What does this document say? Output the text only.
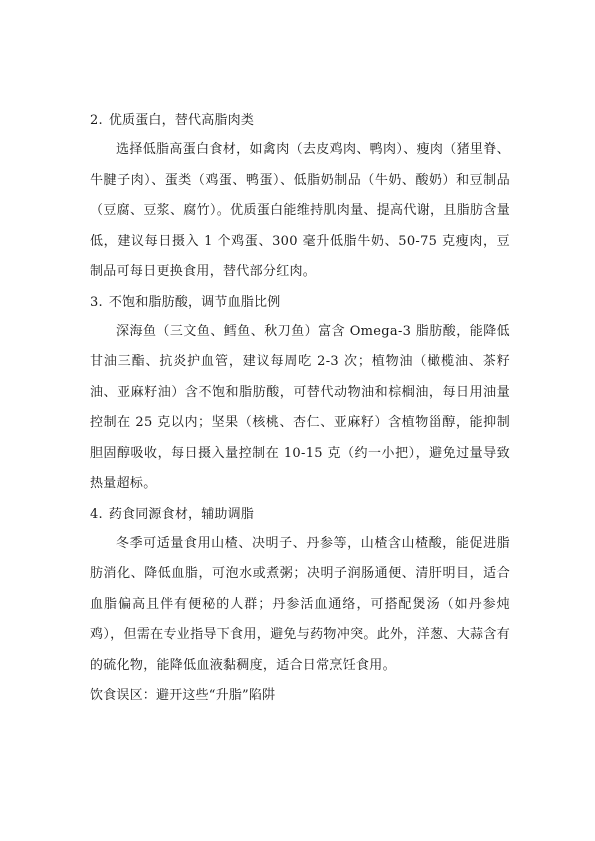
2. 优质蛋白，替代高脂肉类

选择低脂高蛋白食材，如禽肉（去皮鸡肉、鸭肉）、瘦肉（猪里脊、牛腱子肉）、蛋类（鸡蛋、鸭蛋）、低脂奶制品（牛奶、酸奶）和豆制品（豆腐、豆浆、腐竹）。优质蛋白能维持肌肉量、提高代谢，且脂肪含量低，建议每日摄入 1 个鸡蛋、300 毫升低脂牛奶、50-75 克瘦肉，豆制品可每日更换食用，替代部分红肉。

3. 不饱和脂肪酸，调节血脂比例

深海鱼（三文鱼、鳕鱼、秋刀鱼）富含 Omega-3 脂肪酸，能降低甘油三酯、抗炎护血管，建议每周吃 2-3 次；植物油（橄榄油、茶籽油、亚麻籽油）含不饱和脂肪酸，可替代动物油和棕榈油，每日用油量控制在 25 克以内；坚果（核桃、杏仁、亚麻籽）含植物甾醇，能抑制胆固醇吸收，每日摄入量控制在 10-15 克（约一小把），避免过量导致热量超标。

4. 药食同源食材，辅助调脂

冬季可适量食用山楂、决明子、丹参等，山楂含山楂酸，能促进脂肪消化、降低血脂，可泡水或煮粥；决明子润肠通便、清肝明目，适合血脂偏高且伴有便秘的人群；丹参活血通络，可搭配煲汤（如丹参炖鸡），但需在专业指导下食用，避免与药物冲突。此外，洋葱、大蒜含有的硫化物，能降低血液黏稠度，适合日常烹饪食用。

饮食误区：避开这些“升脂”陷阱
